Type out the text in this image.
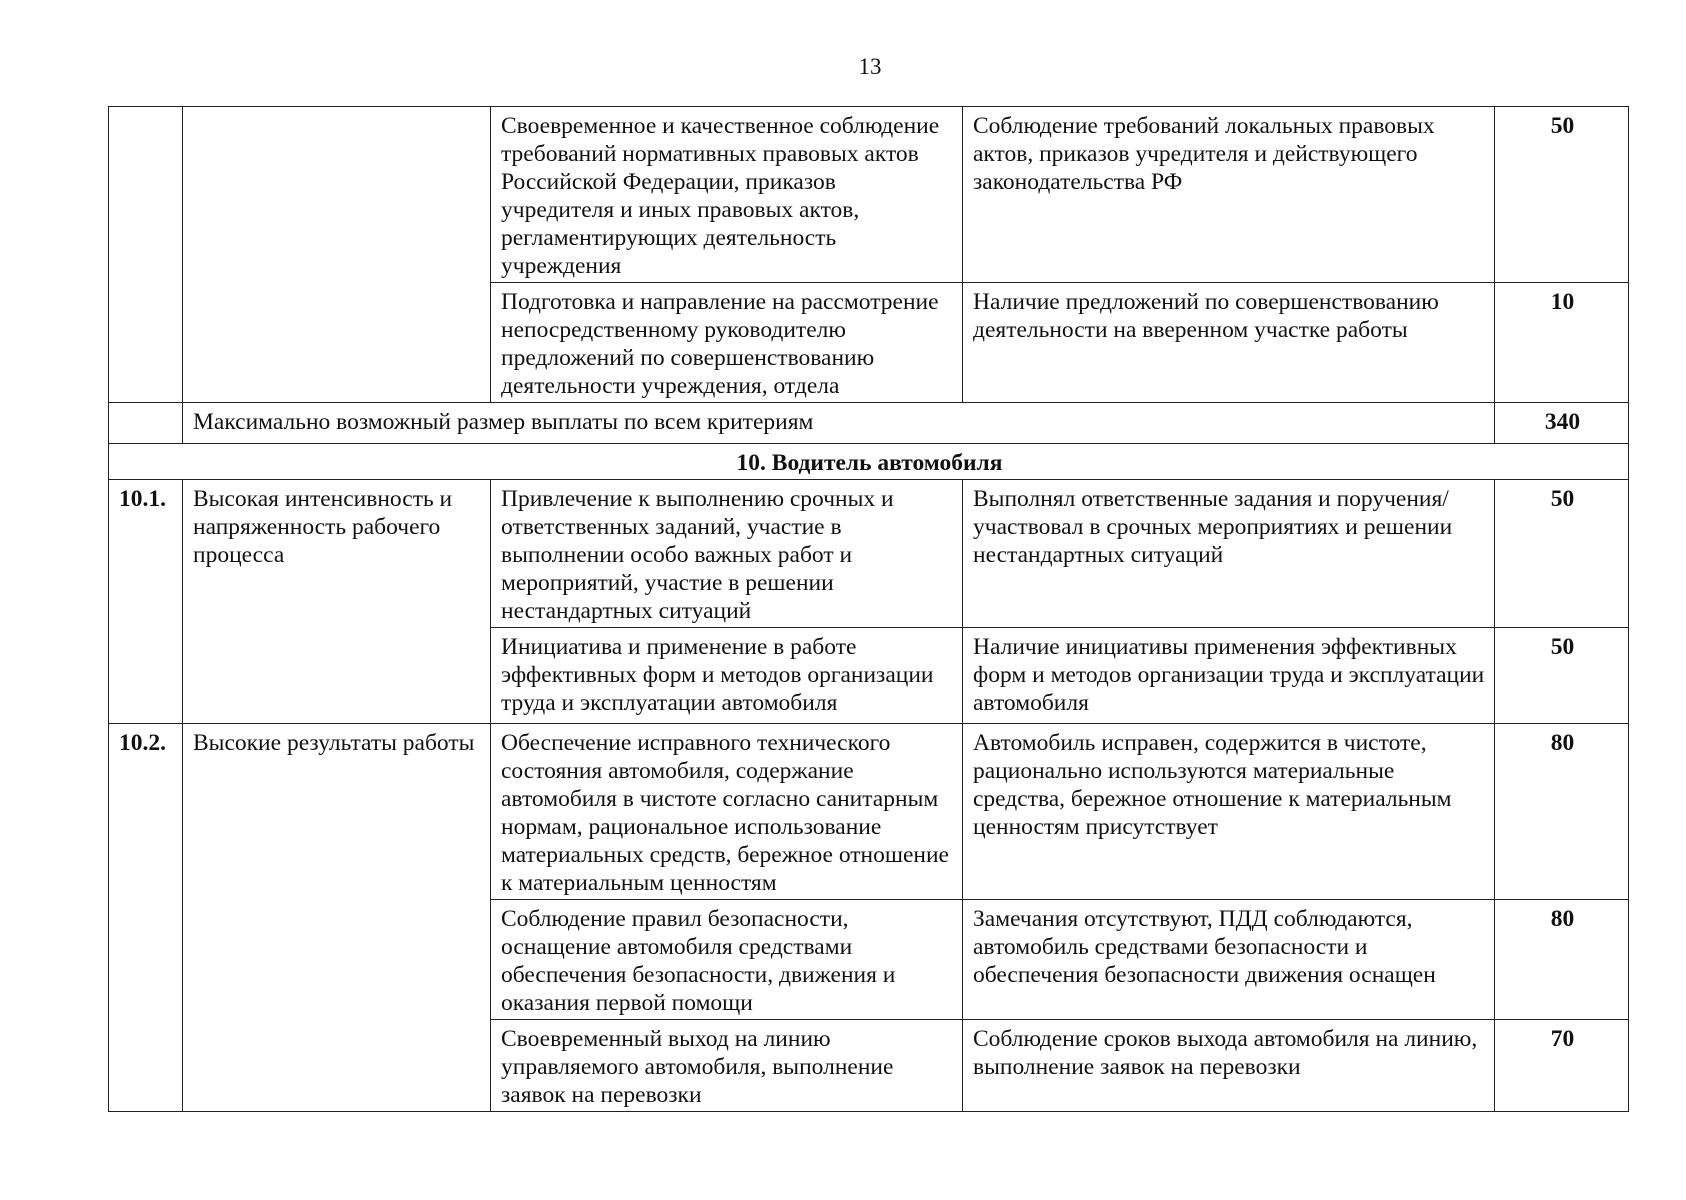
13
		Своевременное и качественное соблюдение требований нормативных правовых актов Российской Федерации, приказов учредителя и иных правовых актов, регламентирующих деятельность учреждения	Соблюдение требований локальных правовых актов, приказов учредителя и действующего законодательства РФ	50
		Подготовка и направление на рассмотрение непосредственному руководителю предложений по совершенствованию деятельности учреждения, отдела	Наличие предложений по совершенствованию деятельности на вверенном участке работы	10
	Максимально возможный размер выплаты по всем критериям			340
10. Водитель автомобиля				
10.1.	Высокая интенсивность и напряженность рабочего процесса	Привлечение к выполнению срочных и ответственных заданий, участие в выполнении особо важных работ и мероприятий, участие в решении нестандартных ситуаций	Выполнял ответственные задания и поручения/участвовал в срочных мероприятиях и решении нестандартных ситуаций	50
		Инициатива и применение в работе эффективных форм и методов организации труда и эксплуатации автомобиля	Наличие инициативы применения эффективных форм и методов организации труда и эксплуатации автомобиля	50
10.2.	Высокие результаты работы	Обеспечение исправного технического состояния автомобиля, содержание автомобиля в чистоте согласно санитарным нормам, рациональное использование материальных средств, бережное отношение к материальным ценностям	Автомобиль исправен, содержится в чистоте, рационально используются материальные средства, бережное отношение к материальным ценностям присутствует	80
		Соблюдение правил безопасности, оснащение автомобиля средствами обеспечения безопасности, движения и оказания первой помощи	Замечания отсутствуют, ПДД соблюдаются, автомобиль средствами безопасности и обеспечения безопасности движения оснащен	80
		Своевременный выход на линию управляемого автомобиля, выполнение заявок на перевозки	Соблюдение сроков выхода автомобиля на линию, выполнение заявок на перевозки	70
